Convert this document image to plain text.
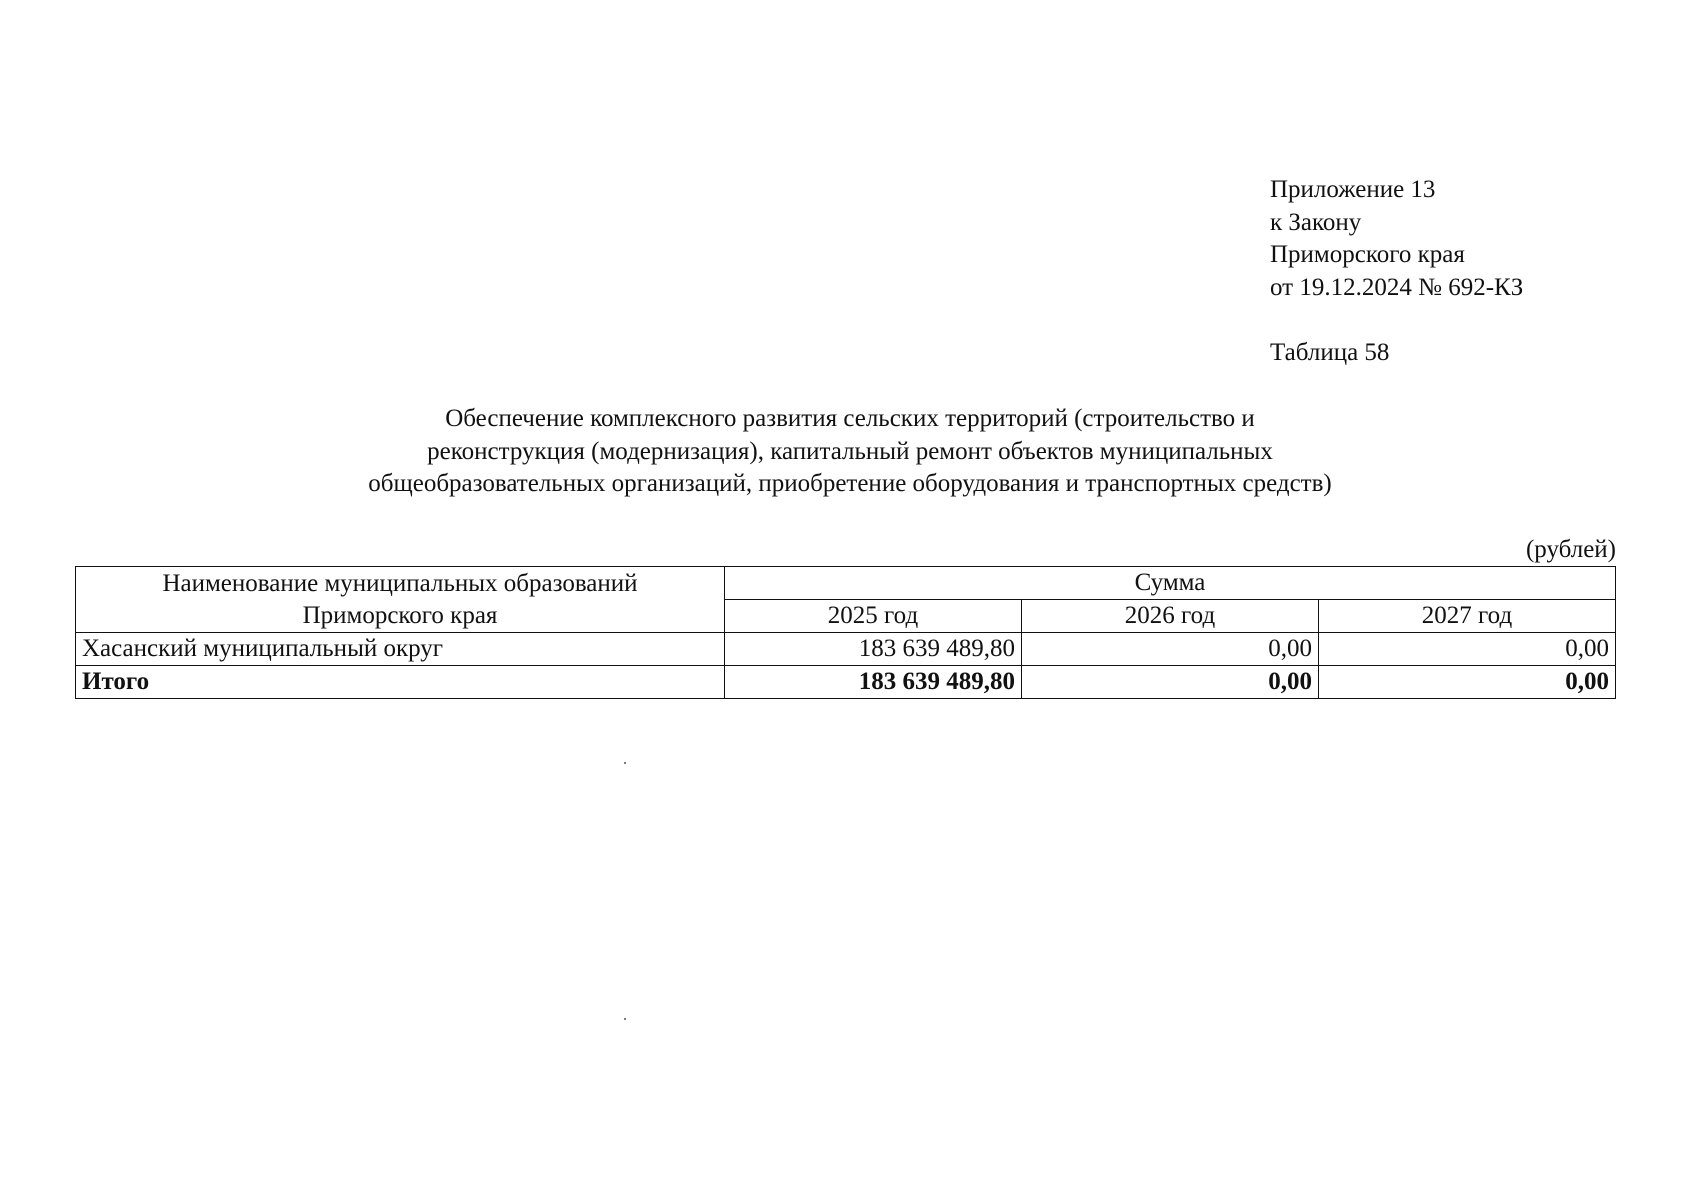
Приложение 13
к Закону
Приморского края
от 19.12.2024 № 692-КЗ
Таблица 58
Обеспечение комплексного развития сельских территорий (строительство и
реконструкция (модернизация), капитальный ремонт объектов муниципальных
общеобразовательных организаций, приобретение оборудования и транспортных средств)
(рублей)
Наименование муниципальных образований
Приморского края	Сумма		
	2025 год	2026 год	2027 год
Хасанский муниципальный округ	183 639 489,80	0,00	0,00
Итого	183 639 489,80	0,00	0,00
